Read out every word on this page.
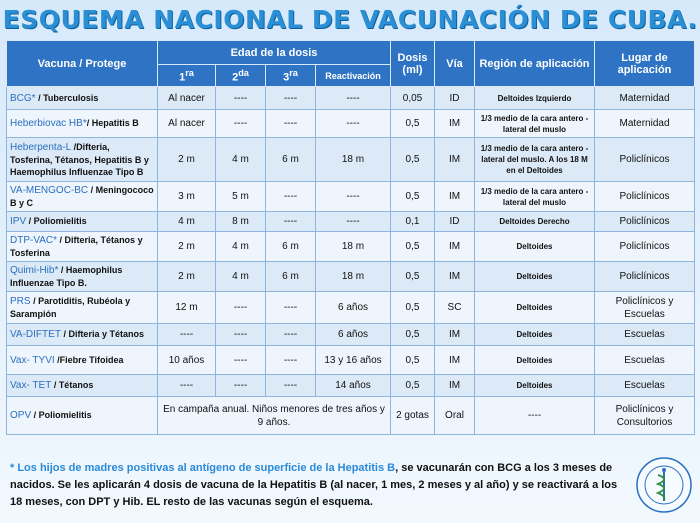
ESQUEMA NACIONAL DE VACUNACIÓN DE CUBA.
Vacuna / Protege	Edad de la dosis				Dosis (ml)	Vía	Región de aplicación	Lugar de aplicación
	$1^{ra}$	$2^{da}$	$3^{ra}$	Reactivación				
BCG* / Tuberculosis	Al nacer	----	----	----	0,05	ID	Deltoides Izquierdo	Maternidad
Heberbiovac HB*/ Hepatitis B	Al nacer	----	----	----	0,5	IM	1/3 medio de la cara antero - lateral del muslo	Maternidad
Heberpenta-L /Difteria, Tosferina, Tétanos, Hepatitis B y Haemophilus Influenzae Tipo B	2 m	4 m	6 m	18 m	0,5	IM	1/3 medio de la cara antero - lateral del muslo. A los 18 M en el Deltoides	Policlínicos
VA-MENGOC-BC / Meningococo B y C	3 m	5 m	----	----	0,5	IM	1/3 medio de la cara antero - lateral del muslo	Policlínicos
IPV / Poliomielitis	4 m	8 m	----	----	0,1	ID	Deltoides Derecho	Policlínicos
DTP-VAC* / Difteria, Tétanos y Tosferina	2 m	4 m	6 m	18 m	0,5	IM	Deltoides	Policlínicos
Quimi-Hib* / Haemophilus Influenzae Tipo B.	2 m	4 m	6 m	18 m	0,5	IM	Deltoides	Policlínicos
PRS / Parotiditis, Rubéola y Sarampión	12 m	----	----	6 años	0,5	SC	Deltoides	Policlínicos y Escuelas
VA-DIFTET / Difteria y Tétanos	----	----	----	6 años	0,5	IM	Deltoides	Escuelas
Vax- TYVI /Fiebre Tifoidea	10 años	----	----	13 y 16 años	0,5	IM	Deltoides	Escuelas
Vax- TET / Tétanos	----	----	----	14 años	0,5	IM	Deltoides	Escuelas
OPV / Poliomielitis	En campaña anual. Niños menores de tres años y 9 años.				2 gotas	Oral	----	Policlínicos y Consultorios
* Los hijos de madres positivas al antígeno de superficie de la Hepatitis B, se vacunarán con BCG a los 3 meses de nacidos. Se les aplicarán 4 dosis de vacuna de la Hepatitis B (al nacer, 1 mes, 2 meses y al año) y se reactivará a los 18 meses, con DPT y Hib. EL resto de las vacunas según el esquema.
